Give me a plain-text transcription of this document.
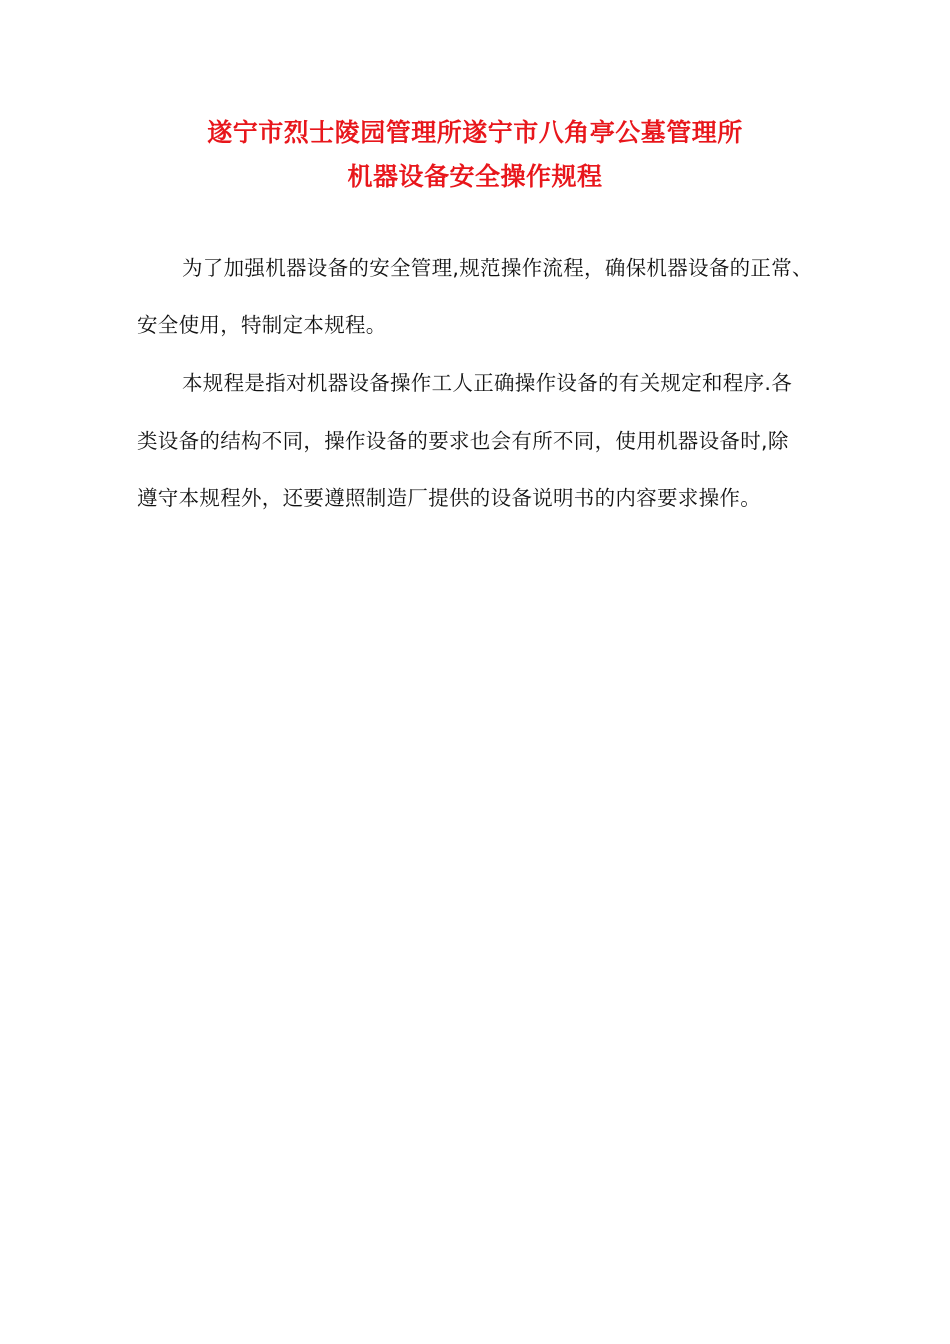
遂宁市烈士陵园管理所遂宁市八角亭公墓管理所
机器设备安全操作规程
为了加强机器设备的安全管理,规范操作流程，确保机器设备的正常、
安全使用，特制定本规程。
本规程是指对机器设备操作工人正确操作设备的有关规定和程序.各
类设备的结构不同，操作设备的要求也会有所不同，使用机器设备时,除
遵守本规程外，还要遵照制造厂提供的设备说明书的内容要求操作。
